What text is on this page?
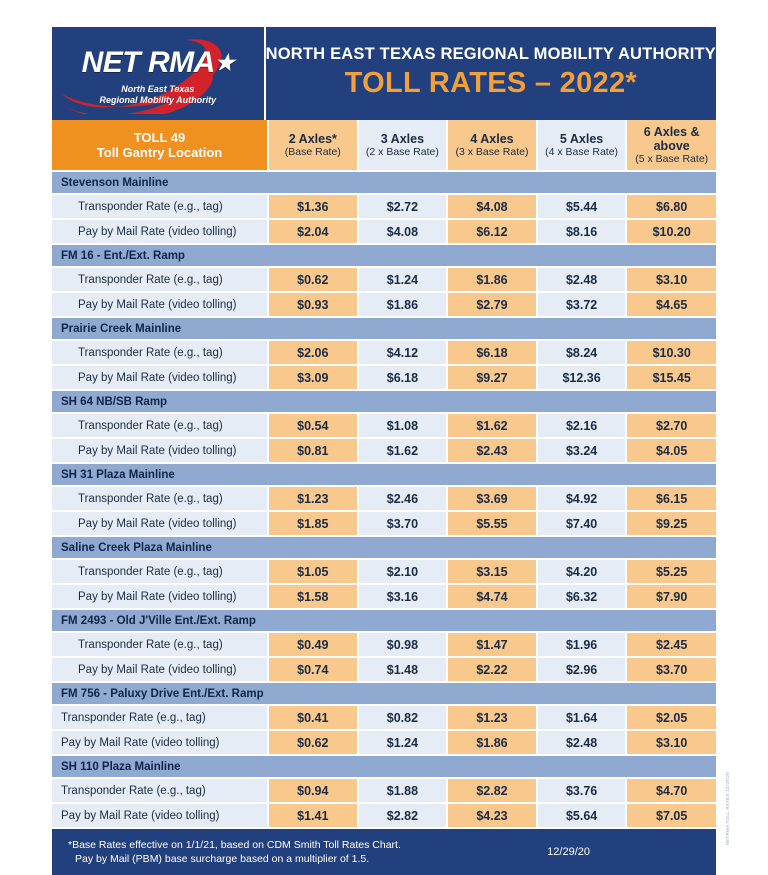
NET RMA★
North East Texas
Regional Mobility Authority
NORTH EAST TEXAS REGIONAL MOBILITY AUTHORITY
TOLL RATES – 2022*
TOLL 49
Toll Gantry Location

2 Axles*
(Base Rate)

3 Axles
(2 x Base Rate)

4 Axles
(3 x Base Rate)

5 Axles
(4 x Base Rate)

6 Axles & above
(5 x Base Rate)

Stevenson Mainline					
Transponder Rate (e.g., tag)	$1.36	$2.72	$4.08	$5.44	$6.80
Pay by Mail Rate (video tolling)	$2.04	$4.08	$6.12	$8.16	$10.20
FM 16 - Ent./Ext. Ramp					
Transponder Rate (e.g., tag)	$0.62	$1.24	$1.86	$2.48	$3.10
Pay by Mail Rate (video tolling)	$0.93	$1.86	$2.79	$3.72	$4.65
Prairie Creek Mainline					
Transponder Rate (e.g., tag)	$2.06	$4.12	$6.18	$8.24	$10.30
Pay by Mail Rate (video tolling)	$3.09	$6.18	$9.27	$12.36	$15.45
SH 64 NB/SB Ramp					
Transponder Rate (e.g., tag)	$0.54	$1.08	$1.62	$2.16	$2.70
Pay by Mail Rate (video tolling)	$0.81	$1.62	$2.43	$3.24	$4.05
SH 31 Plaza Mainline					
Transponder Rate (e.g., tag)	$1.23	$2.46	$3.69	$4.92	$6.15
Pay by Mail Rate (video tolling)	$1.85	$3.70	$5.55	$7.40	$9.25
Saline Creek Plaza Mainline					
Transponder Rate (e.g., tag)	$1.05	$2.10	$3.15	$4.20	$5.25
Pay by Mail Rate (video tolling)	$1.58	$3.16	$4.74	$6.32	$7.90
FM 2493 - Old J'Ville Ent./Ext. Ramp					
Transponder Rate (e.g., tag)	$0.49	$0.98	$1.47	$1.96	$2.45
Pay by Mail Rate (video tolling)	$0.74	$1.48	$2.22	$2.96	$3.70
FM 756 - Paluxy Drive Ent./Ext. Ramp					
Transponder Rate (e.g., tag)	$0.41	$0.82	$1.23	$1.64	$2.05
Pay by Mail Rate (video tolling)	$0.62	$1.24	$1.86	$2.48	$3.10
SH 110 Plaza Mainline					
Transponder Rate (e.g., tag)	$0.94	$1.88	$2.82	$3.76	$4.70
Pay by Mail Rate (video tolling)	$1.41	$2.82	$4.23	$5.64	$7.05
*Base Rates effective on 1/1/21, based on CDM Smith Toll Rates Chart.
Pay by Mail (PBM) base surcharge based on a multiplier of 1.5.
12/29/20
NETRMA TOLL RATES 12/29/20
